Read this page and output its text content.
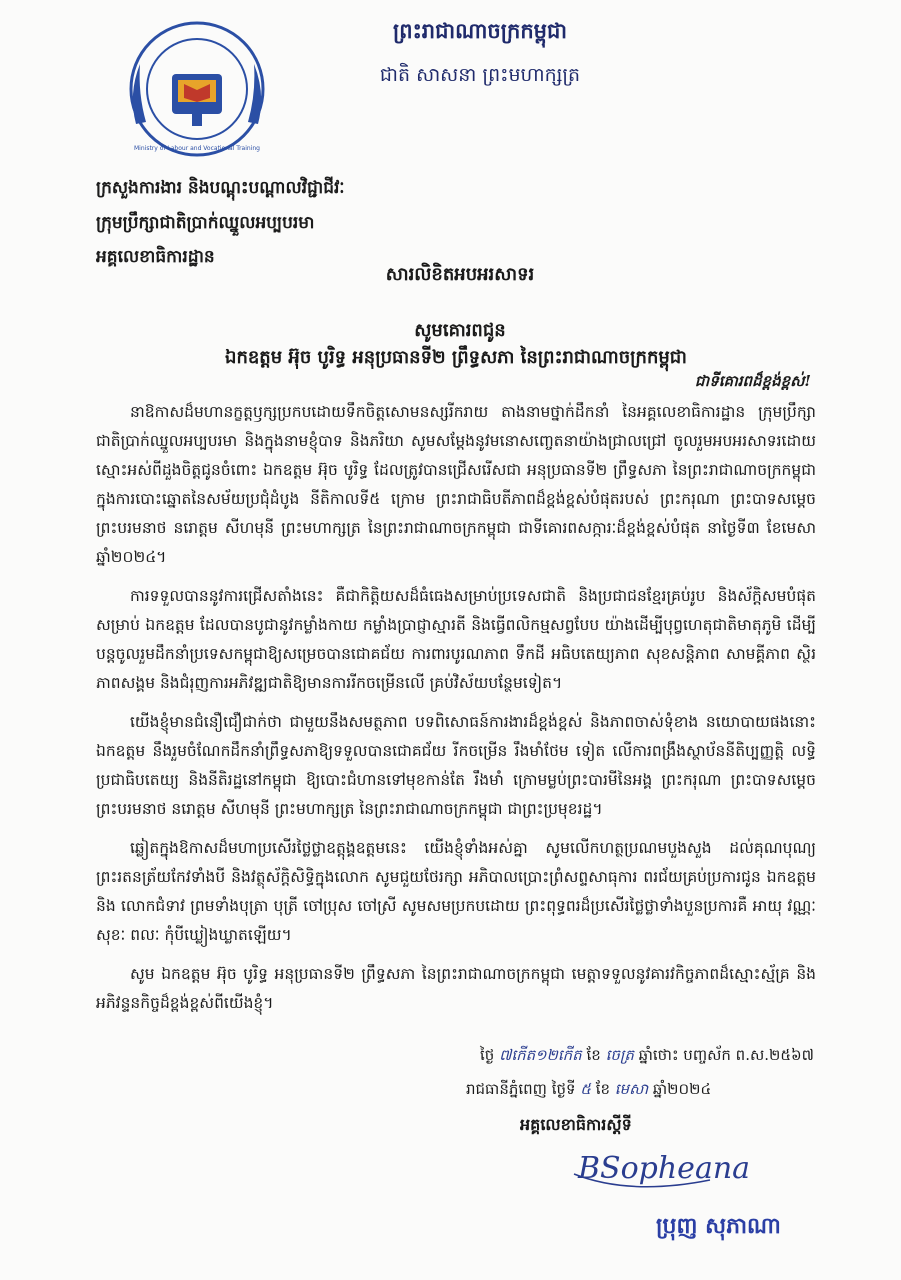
Ministry of Labour and Vocational Training
ព្រះរាជាណាចក្រកម្ពុជា
ជាតិ សាសនា ព្រះមហាក្សត្រ
ក្រសួងការងារ និងបណ្តុះបណ្តាលវិជ្ជាជីវៈ
ក្រុមប្រឹក្សាជាតិប្រាក់ឈ្នួលអប្បបរមា
អគ្គលេខាធិការដ្ឋាន
សារលិខិតអបអរសាទរ
សូមគោរពជូន
ឯកឧត្តម អ៊ុច បូរិទ្ធ អនុប្រធានទី២ ព្រឹទ្ធសភា នៃព្រះរាជាណាចក្រកម្ពុជា
ជាទីគោរពដ៏ខ្ពង់ខ្ពស់!

នាឱកាសដ៏មហានក្ខត្តឫក្សប្រកបដោយទឹកចិត្តសោមនស្សរីករាយ តាងនាមថ្នាក់ដឹកនាំ នៃអគ្គលេខាធិការដ្ឋាន ក្រុមប្រឹក្សាជាតិប្រាក់ឈ្នួលអប្បបរមា និងក្នុងនាមខ្ញុំបាទ និងភរិយា សូមសម្តែងនូវមនោសញ្ចេតនាយ៉ាងជ្រាលជ្រៅ ចូលរួមអបអរសាទរដោយស្មោះអស់ពីដួងចិត្តជូនចំពោះ ឯកឧត្តម អ៊ុច បូរិទ្ធ ដែលត្រូវបានជ្រើសរើសជា អនុប្រធានទី២ ព្រឹទ្ធសភា នៃព្រះរាជាណាចក្រកម្ពុជា ក្នុងការបោះឆ្នោតនៃសម័យប្រជុំដំបូង នីតិកាលទី៥ ក្រោម ព្រះរាជាធិបតីភាពដ៏ខ្ពង់ខ្ពស់បំផុតរបស់ ព្រះករុណា ព្រះបាទសម្តេចព្រះបរមនាថ នរោត្តម សីហមុនី ព្រះមហាក្សត្រ នៃព្រះរាជាណាចក្រកម្ពុជា ជាទីគោរពសក្ការៈដ៏ខ្ពង់ខ្ពស់បំផុត នាថ្ងៃទី៣ ខែមេសា ឆ្នាំ២០២៤។

ការទទួលបាននូវការជ្រើសតាំងនេះ គឺជាកិត្តិយសដ៏ធំធេងសម្រាប់ប្រទេសជាតិ និងប្រជាជនខ្មែរគ្រប់រូប និងស័ក្តិសមបំផុតសម្រាប់ ឯកឧត្តម ដែលបានបូជានូវកម្លាំងកាយ កម្លាំងប្រាជ្ញាស្មារតី និងធ្វើពលិកម្មសព្វបែប យ៉ាងដើម្បីបុព្វហេតុជាតិមាតុភូមិ ដើម្បីបន្តចូលរួមដឹកនាំប្រទេសកម្ពុជាឱ្យសម្រេចបានជោគជ័យ ការពារបូរណភាព ទឹកដី អធិបតេយ្យភាព សុខសន្តិភាព សាមគ្គីភាព ស្ថិរភាពសង្គម និងជំរុញការអភិវឌ្ឍជាតិឱ្យមានការរីកចម្រើនលើ គ្រប់វិស័យបន្ថែមទៀត។

យើងខ្ញុំមានជំនឿជឿជាក់ថា ជាមួយនឹងសមត្ថភាព បទពិសោធន៍ការងារដ៏ខ្ពង់ខ្ពស់ និងភាពចាស់ទុំខាង នយោបាយផងនោះ ឯកឧត្តម នឹងរួមចំណែកដឹកនាំព្រឹទ្ធសភាឱ្យទទួលបានជោគជ័យ រីកចម្រើន រឹងមាំថែម ទៀត លើការពង្រឹងស្ថាប័ននីតិប្បញ្ញត្តិ លទ្ធិប្រជាធិបតេយ្យ និងនីតិរដ្ឋនៅកម្ពុជា ឱ្យបោះជំហានទៅមុខកាន់តែ រឹងមាំ ក្រោមម្លប់ព្រះបារមីនៃអង្គ ព្រះករុណា ព្រះបាទសម្តេចព្រះបរមនាថ នរោត្តម សីហមុនី ព្រះមហាក្សត្រ នៃព្រះរាជាណាចក្រកម្ពុជា ជាព្រះប្រមុខរដ្ឋ។

ឆ្លៀតក្នុងឱកាសដ៏មហាប្រសើរថ្លៃថ្លាឧត្តុង្គឧត្តមនេះ យើងខ្ញុំទាំងអស់គ្នា សូមលើកហត្ថប្រណមបួងសួង ដល់គុណបុណ្យព្រះរតនត្រ័យកែវទាំងបី និងវត្ថុស័ក្តិសិទ្ធិក្នុងលោក សូមជួយថែរក្សា អភិបាលប្រោះព្រំសព្ទសាធុការ ពរជ័យគ្រប់ប្រការជូន ឯកឧត្តម និង លោកជំទាវ ព្រមទាំងបុត្រា បុត្រី ចៅប្រុស ចៅស្រី សូមសមប្រកបដោយ ព្រះពុទ្ធពរដ៏ប្រសើរថ្លៃថ្លាទាំងបួនប្រការគឺ អាយុ វណ្ណៈ សុខៈ ពលៈ កុំបីឃ្លៀងឃ្លាតឡើយ។

សូម ឯកឧត្តម អ៊ុច បូរិទ្ធ អនុប្រធានទី២ ព្រឹទ្ធសភា នៃព្រះរាជាណាចក្រកម្ពុជា មេត្តាទទួលនូវគារវកិច្ចភាពដ៏ស្មោះស្ម័គ្រ និងអភិវន្ទនកិច្ចដ៏ខ្ពង់ខ្ពស់ពីយើងខ្ញុំ។

ថ្ងៃ ៧កើត១២កើត ខែ ចេត្រ ឆ្នាំថោះ បញ្ចស័ក ព.ស.២៥៦៧
រាជធានីភ្នំពេញ ថ្ងៃទី ៥ ខែ មេសា ឆ្នាំ២០២៤
អគ្គលេខាធិការស្តីទី
BSopheana
ប្រុញ សុភាណា
